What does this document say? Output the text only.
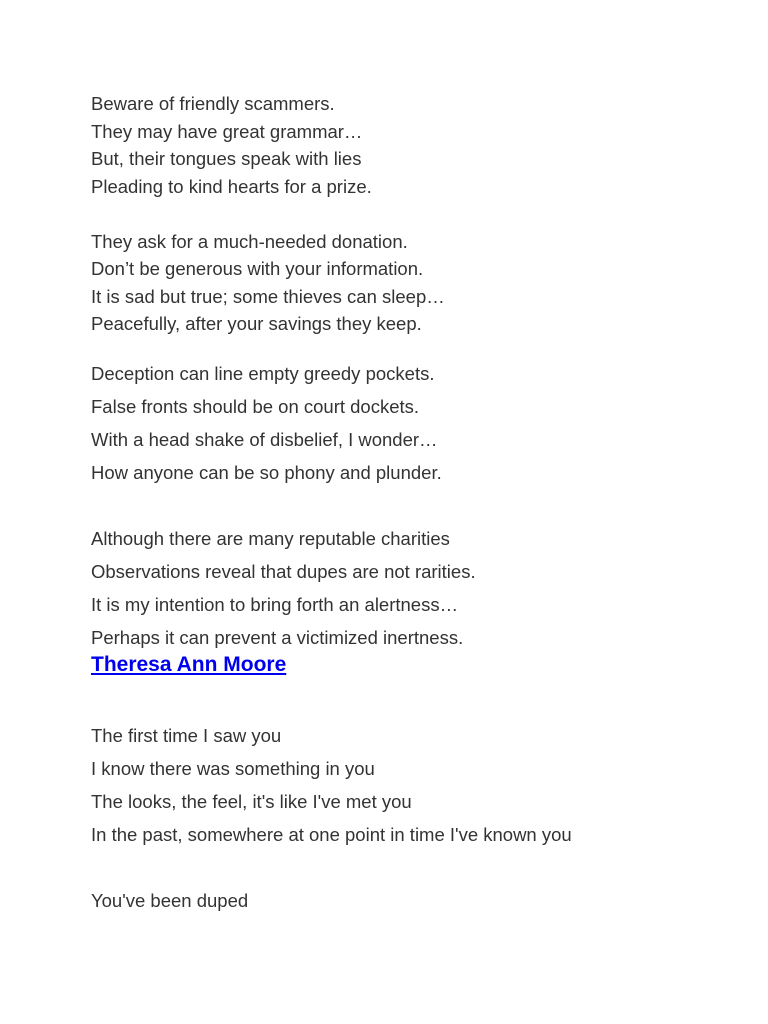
Beware of friendly scammers.
They may have great grammar…
But, their tongues speak with lies
Pleading to kind hearts for a prize.
They ask for a much-needed donation.
Don’t be generous with your information.
It is sad but true; some thieves can sleep…
Peacefully, after your savings they keep.
Deception can line empty greedy pockets.
False fronts should be on court dockets.
With a head shake of disbelief, I wonder…
How anyone can be so phony and plunder.
Although there are many reputable charities
Observations reveal that dupes are not rarities.
It is my intention to bring forth an alertness…
Perhaps it can prevent a victimized inertness.
Theresa Ann Moore
The first time I saw you
I know there was something in you
The looks, the feel, it's like I've met you
In the past, somewhere at one point in time I've known you
You've been duped
